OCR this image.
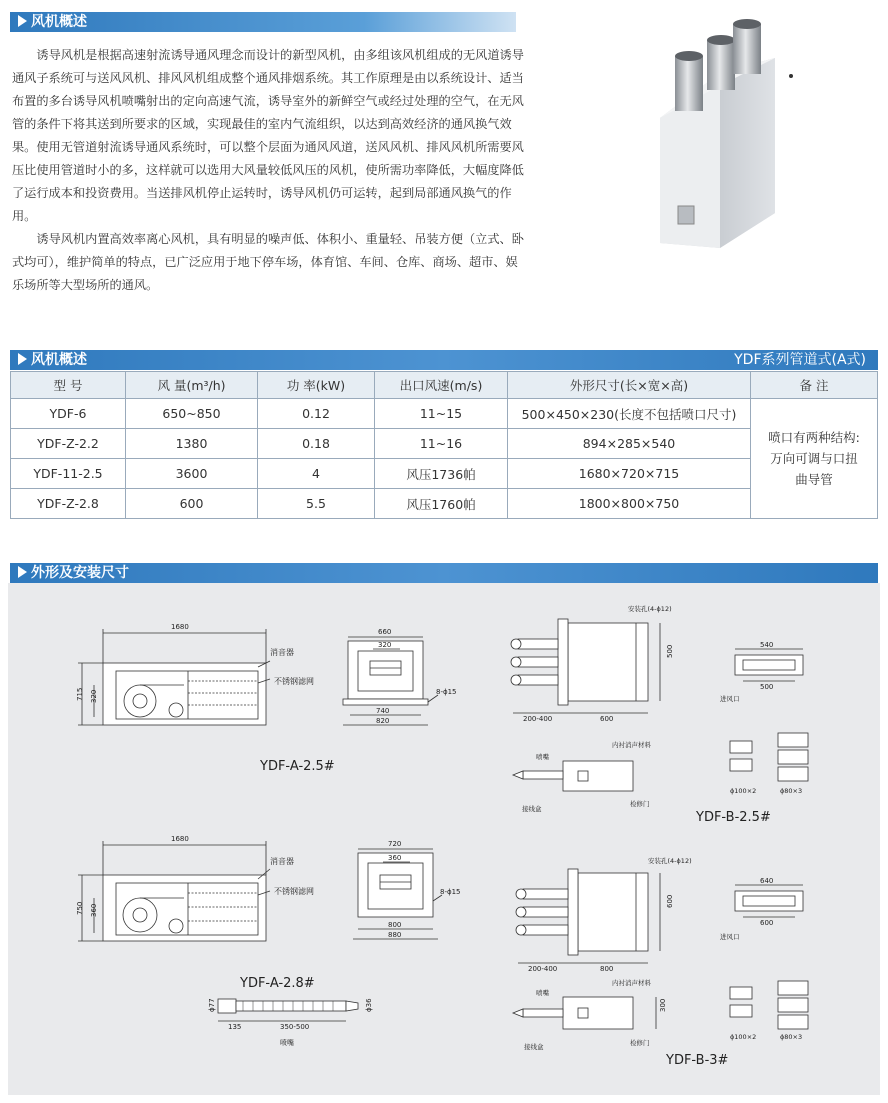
风机概述

诱导风机是根据高速射流诱导通风理念而设计的新型风机，由多组该风机组成的无风道诱导通风子系统可与送风风机、排风风机组成整个通风排烟系统。其工作原理是由以系统设计、适当布置的多台诱导风机喷嘴射出的定向高速气流，诱导室外的新鲜空气或经过处理的空气，在无风管的条件下将其送到所要求的区域，实现最佳的室内气流组织，以达到高效经济的通风换气效果。使用无管道射流诱导通风系统时，可以整个层面为通风风道，送风风机、排风风机所需要风压比使用管道时小的多，这样就可以选用大风量较低风压的风机，使所需功率降低，大幅度降低了运行成本和投资费用。当送排风机停止运转时，诱导风机仍可运转，起到局部通风换气的作用。

诱导风机内置高效率离心风机，具有明显的噪声低、体积小、重量轻、吊装方便（立式、卧式均可），维护简单的特点，已广泛应用于地下停车场，体育馆、车间、仓库、商场、超市、娱乐场所等大型场所的通风。

风机概述	YDF系列管道式(A式)
型 号	风 量(m³/h)	功 率(kW)	出口风速(m/s)	外形尺寸(长×宽×高)	备 注
YDF-6	650~850	0.12	11~15	500×450×230(长度不包括喷口尺寸)	喷口有两种结构:
万向可调与口扭
曲导管

YDF-Z-2.2	1380	0.18	11~16	894×285×540	
YDF-11-2.5	3600	4	风压1736帕	1680×720×715	
YDF-Z-2.8	600	5.5	风压1760帕	1800×800×750	
外形及安装尺寸
1680
消音器
不锈钢滤网
715 320
YDF-A-2.5#
660
320
8-ϕ15
740
820
1680
消音器
不锈钢滤网
750 360
YDF-A-2.8#
720
360
8-ϕ15
800
880
ϕ77	ϕ36
135	350-500
喷嘴
安装孔(4-ϕ12)
500
200-400	600
540
500
进风口
内衬消声材料
喷嘴
接线盒
检修门
ϕ100×2	ϕ80×3
YDF-B-2.5#
安装孔(4-ϕ12)
600
200-400	800
640
600
进风口
内衬消声材料
喷嘴
300
接线盒	检修门
ϕ100×2	ϕ80×3
YDF-B-3#
